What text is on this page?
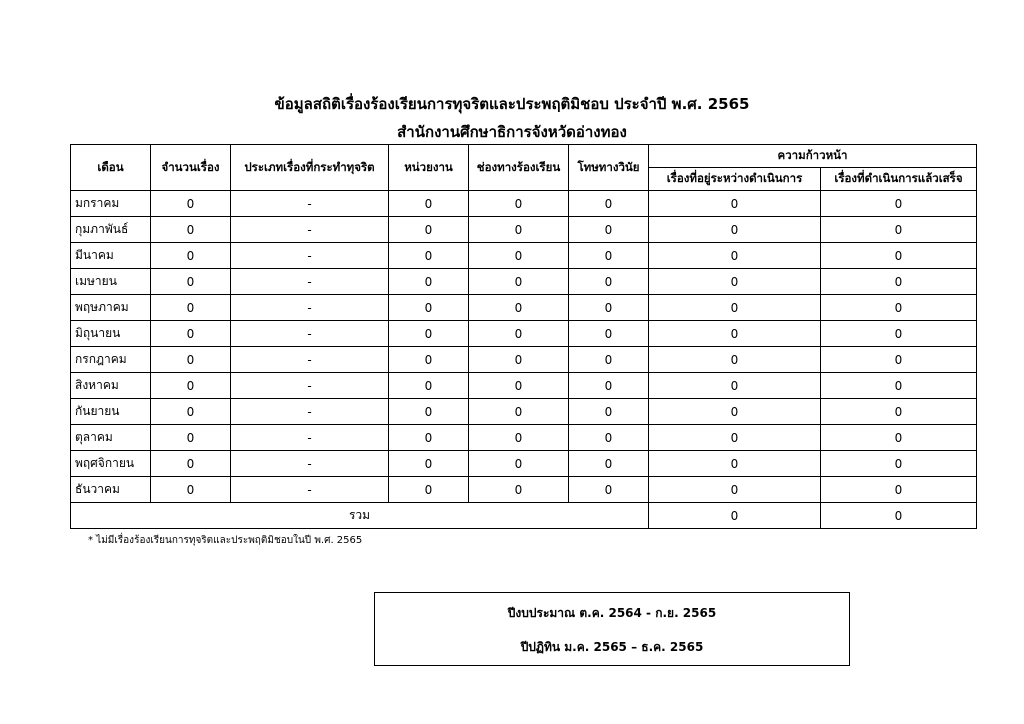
ข้อมูลสถิติเรื่องร้องเรียนการทุจริตและประพฤติมิชอบ ประจำปี พ.ศ. 2565
สำนักงานศึกษาธิการจังหวัดอ่างทอง
เดือน	จำนวนเรื่อง	ประเภทเรื่องที่กระทำทุจริต	หน่วยงาน	ช่องทางร้องเรียน	โทษทางวินัย	ความก้าวหน้า	
						เรื่องที่อยู่ระหว่างดำเนินการ	เรื่องที่ดำเนินการแล้วเสร็จ
มกราคม	0	-	0	0	0	0	0
กุมภาพันธ์	0	-	0	0	0	0	0
มีนาคม	0	-	0	0	0	0	0
เมษายน	0	-	0	0	0	0	0
พฤษภาคม	0	-	0	0	0	0	0
มิถุนายน	0	-	0	0	0	0	0
กรกฎาคม	0	-	0	0	0	0	0
สิงหาคม	0	-	0	0	0	0	0
กันยายน	0	-	0	0	0	0	0
ตุลาคม	0	-	0	0	0	0	0
พฤศจิกายน	0	-	0	0	0	0	0
ธันวาคม	0	-	0	0	0	0	0
รวม						0	0
* ไม่มีเรื่องร้องเรียนการทุจริตและประพฤติมิชอบในปี พ.ศ. 2565
ปีงบประมาณ ต.ค. 2564 - ก.ย. 2565
ปีปฏิทิน ม.ค. 2565 – ธ.ค. 2565
